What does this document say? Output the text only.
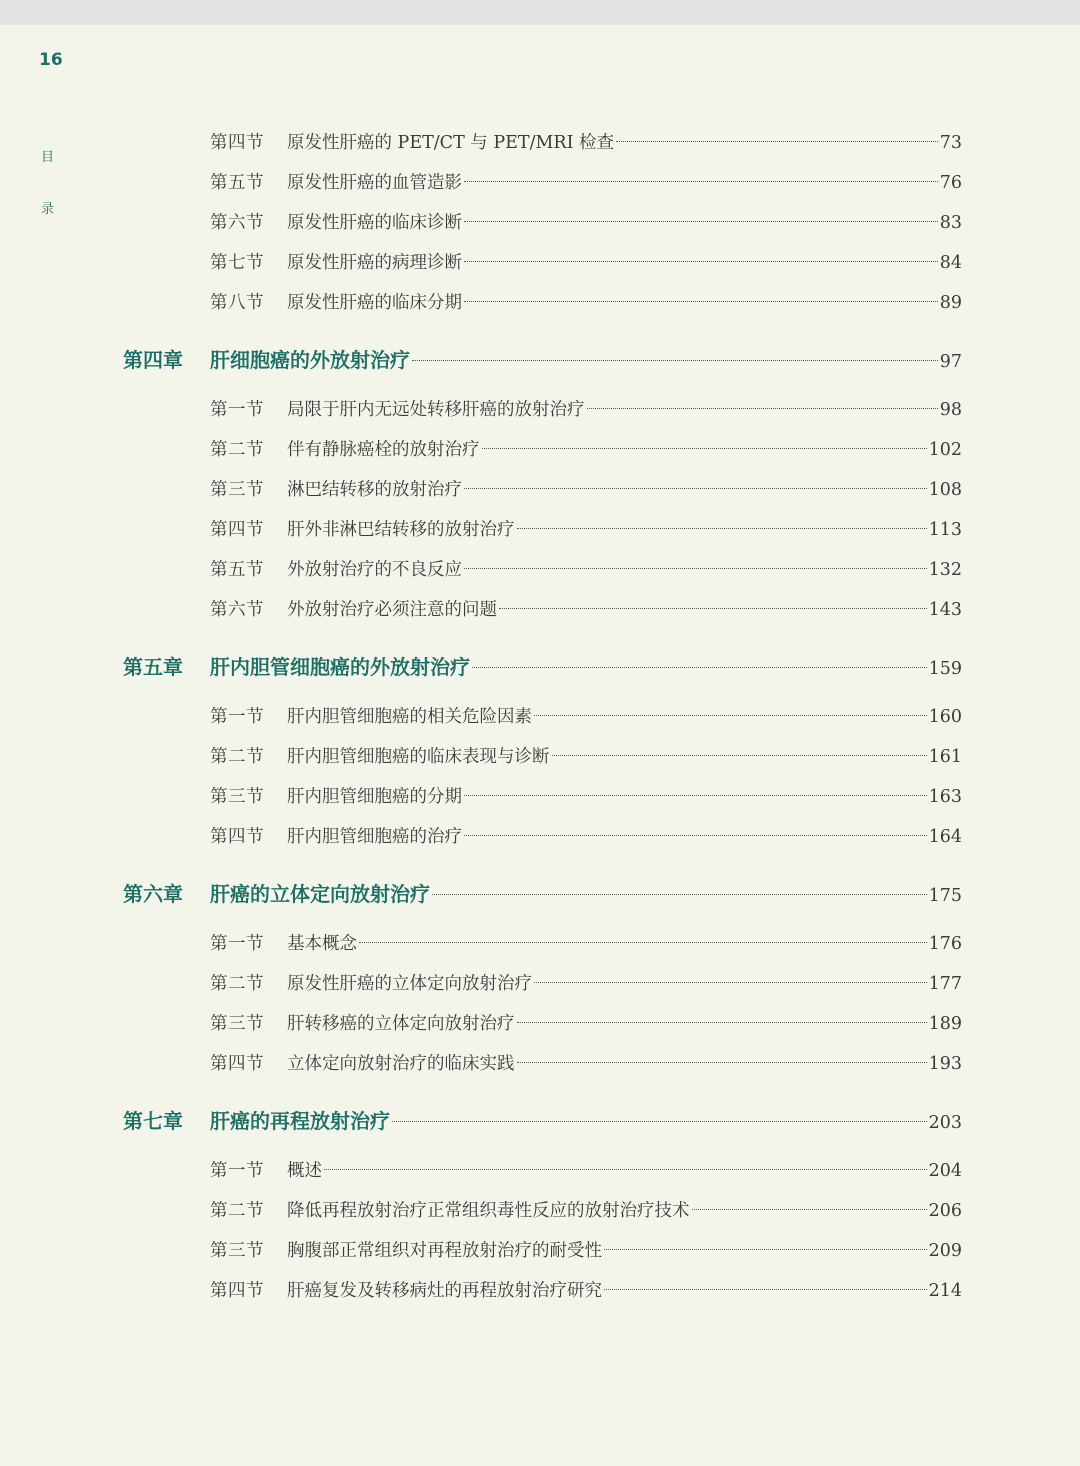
16
目
录
第四节	原发性肝癌的 PET/CT 与 PET/MRI 检查	73
第五节	原发性肝癌的血管造影	76
第六节	原发性肝癌的临床诊断	83
第七节	原发性肝癌的病理诊断	84
第八节	原发性肝癌的临床分期	89
第四章	肝细胞癌的外放射治疗	97
第一节	局限于肝内无远处转移肝癌的放射治疗	98
第二节	伴有静脉癌栓的放射治疗	102
第三节	淋巴结转移的放射治疗	108
第四节	肝外非淋巴结转移的放射治疗	113
第五节	外放射治疗的不良反应	132
第六节	外放射治疗必须注意的问题	143
第五章	肝内胆管细胞癌的外放射治疗	159
第一节	肝内胆管细胞癌的相关危险因素	160
第二节	肝内胆管细胞癌的临床表现与诊断	161
第三节	肝内胆管细胞癌的分期	163
第四节	肝内胆管细胞癌的治疗	164
第六章	肝癌的立体定向放射治疗	175
第一节	基本概念	176
第二节	原发性肝癌的立体定向放射治疗	177
第三节	肝转移癌的立体定向放射治疗	189
第四节	立体定向放射治疗的临床实践	193
第七章	肝癌的再程放射治疗	203
第一节	概述	204
第二节	降低再程放射治疗正常组织毒性反应的放射治疗技术	206
第三节	胸腹部正常组织对再程放射治疗的耐受性	209
第四节	肝癌复发及转移病灶的再程放射治疗研究	214
